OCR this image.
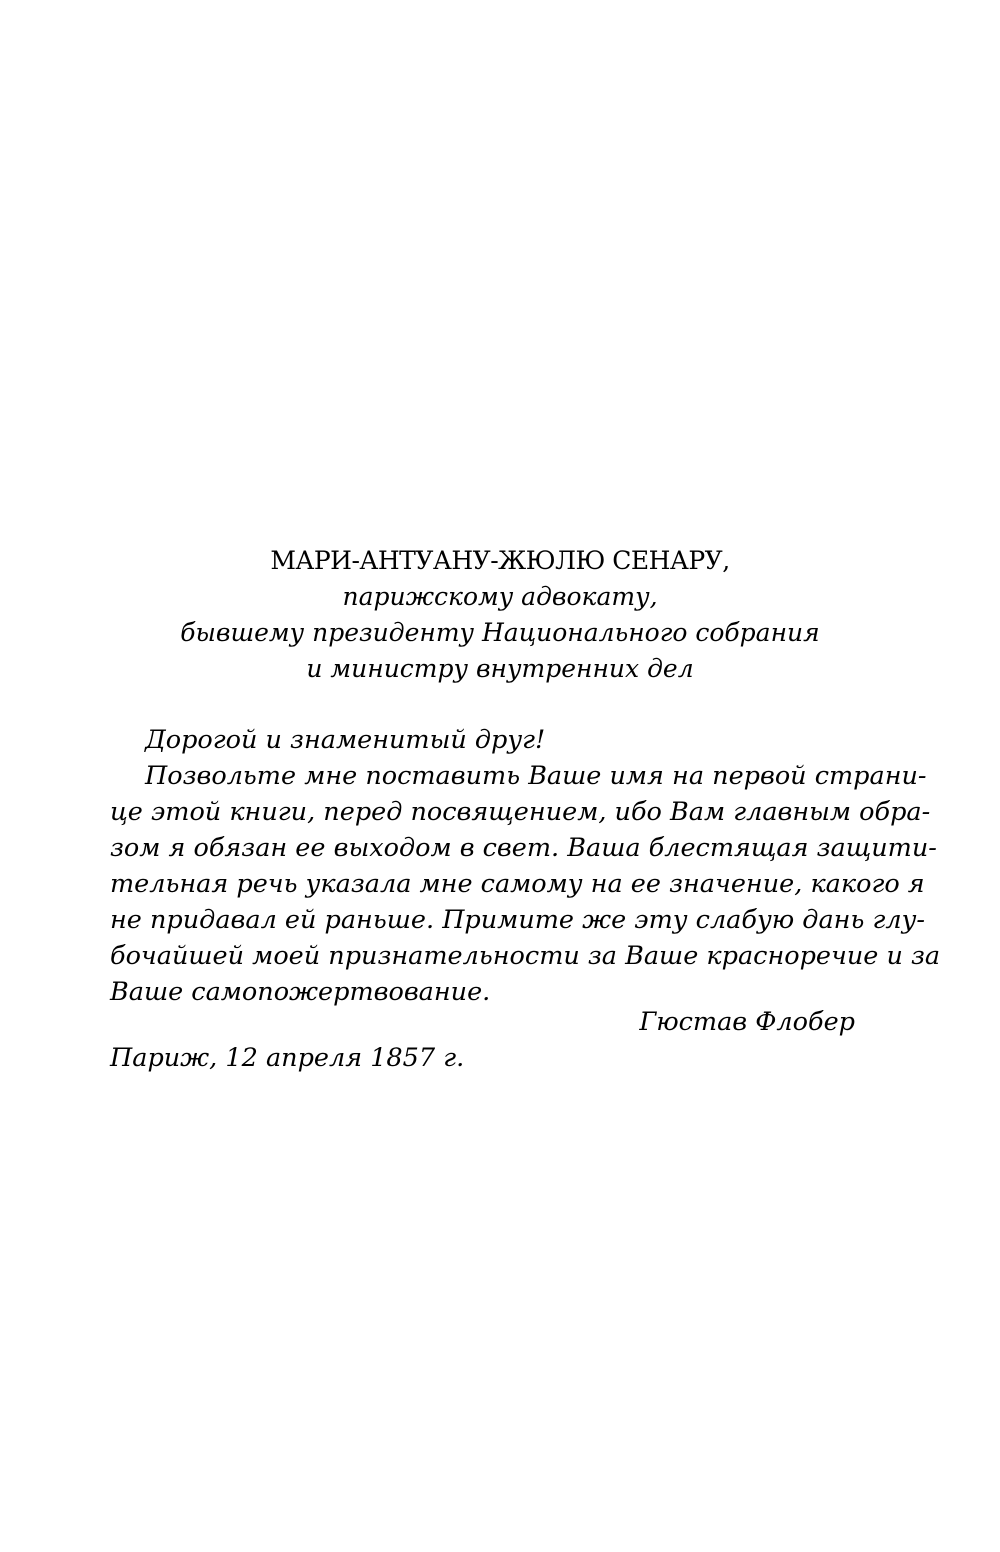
МАРИ-АНТУАНУ-ЖЮЛЮ СЕНАРУ,
парижскому адвокату,
бывшему президенту Национального собрания
и министру внутренних дел
Дорогой и знаменитый друг!
Позвольте мне поставить Ваше имя на первой страни-
це этой книги, перед посвящением, ибо Вам главным обра-
зом я обязан ее выходом в свет. Ваша блестящая защити-
тельная речь указала мне самому на ее значение, какого я
не придавал ей раньше. Примите же эту слабую дань глу-
бочайшей моей признательности за Ваше красноречие и за
Ваше самопожертвование.
Гюстав Флобер
Париж, 12 апреля 1857 г.
